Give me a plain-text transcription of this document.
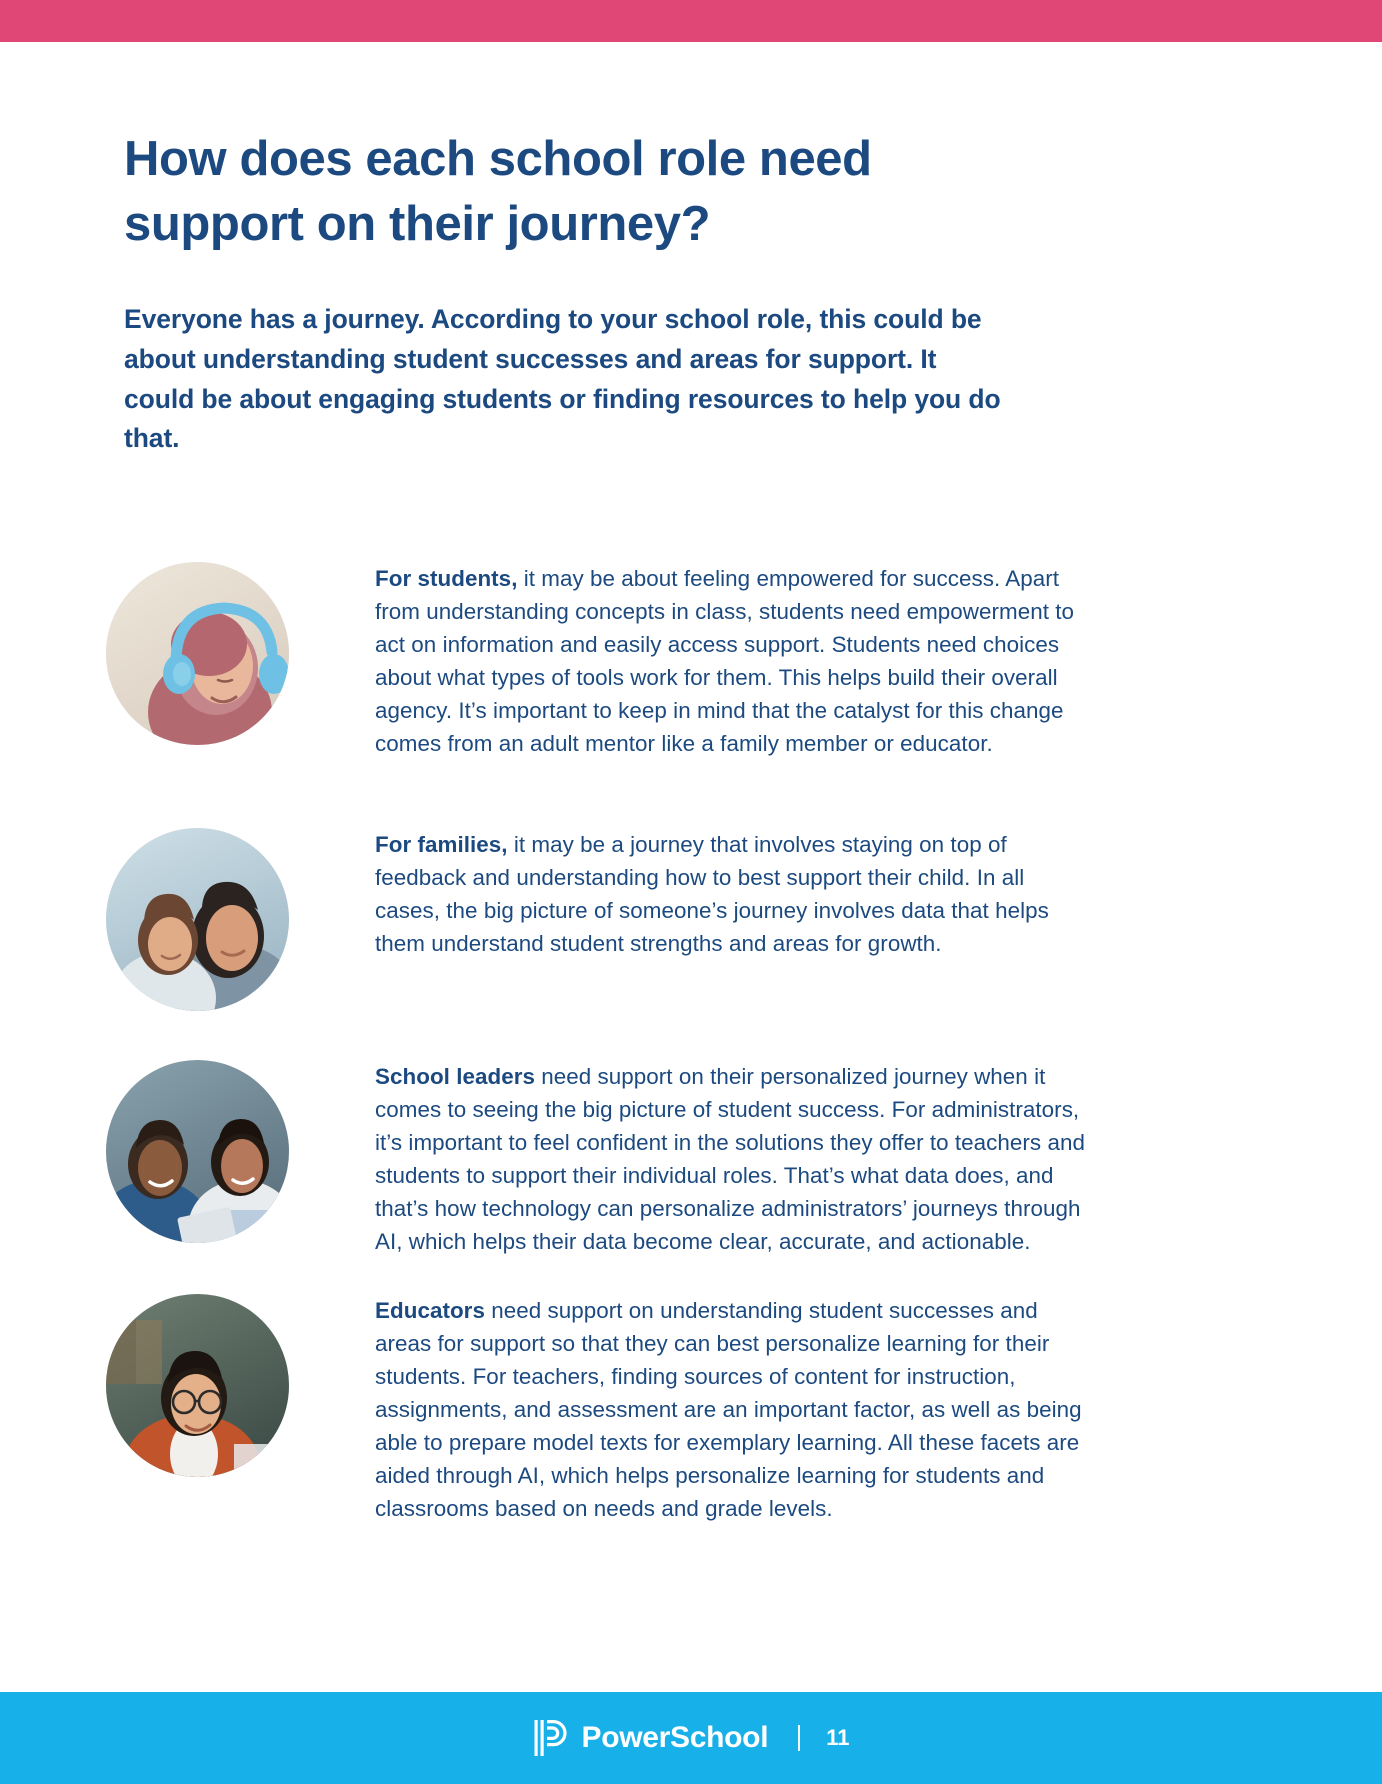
How does each school role need support on their journey?

Everyone has a journey. According to your school role, this could be about understanding student successes and areas for support. It could be about engaging students or finding resources to help you do that.

For students, it may be about feeling empowered for success. Apart from understanding concepts in class, students need empowerment to act on information and easily access support. Students need choices about what types of tools work for them. This helps build their overall agency. It’s important to keep in mind that the catalyst for this change comes from an adult mentor like a family member or educator.

For families, it may be a journey that involves staying on top of feedback and understanding how to best support their child. In all cases, the big picture of someone’s journey involves data that helps them understand student strengths and areas for growth.

School leaders need support on their personalized journey when it comes to seeing the big picture of student success. For administrators, it’s important to feel confident in the solutions they offer to teachers and students to support their individual roles. That’s what data does, and that’s how technology can personalize administrators’ journeys through AI, which helps their data become clear, accurate, and actionable.

Educators need support on understanding student successes and areas for support so that they can best personalize learning for their students. For teachers, finding sources of content for instruction, assignments, and assessment are an important factor, as well as being able to prepare model texts for exemplary learning. All these facets are aided through AI, which helps personalize learning for students and classrooms based on needs and grade levels.

PowerSchool	11
